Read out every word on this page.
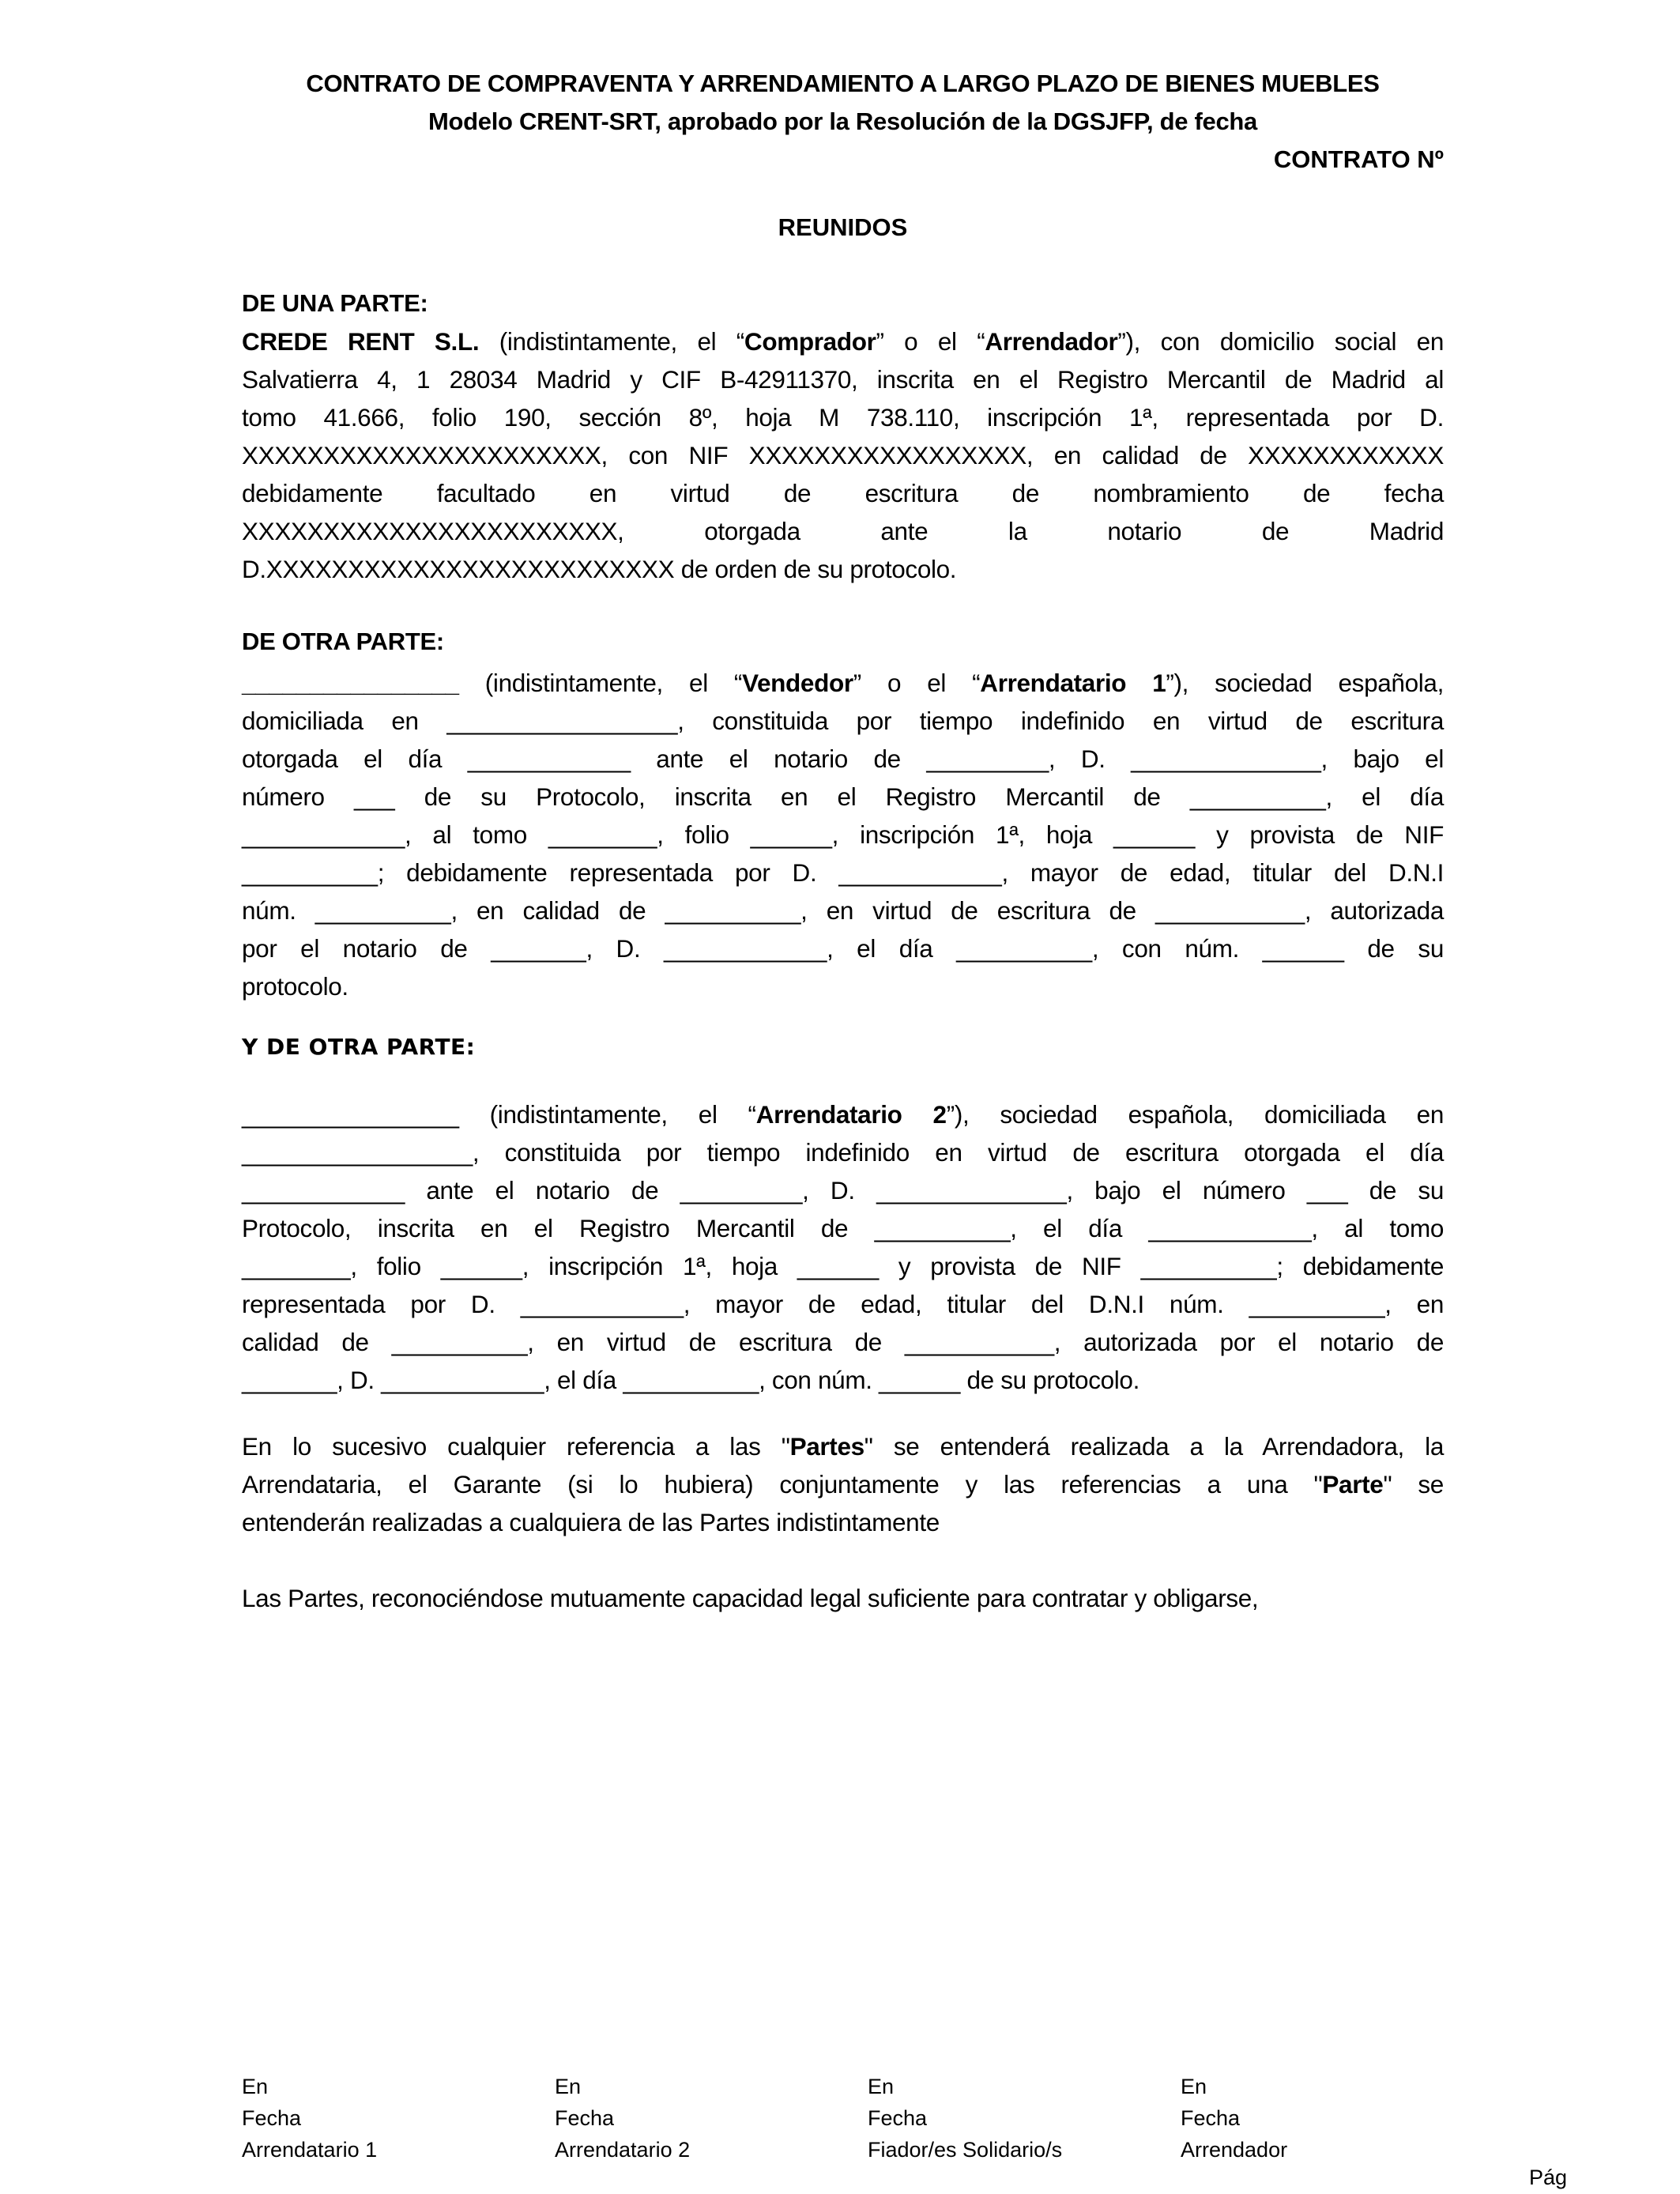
CONTRATO DE COMPRAVENTA Y ARRENDAMIENTO A LARGO PLAZO DE BIENES MUEBLES
Modelo CRENT-SRT, aprobado por la Resolución de la DGSJFP, de fecha
CONTRATO Nº
REUNIDOS
DE UNA PARTE:
CREDE RENT S.L. (indistintamente, el “Comprador” o el “Arrendador”), con domicilio social en
Salvatierra 4, 1 28034 Madrid y CIF B-42911370, inscrita en el Registro Mercantil de Madrid al
tomo 41.666, folio 190, sección 8º, hoja M 738.110, inscripción 1ª, representada por D.
XXXXXXXXXXXXXXXXXXXXXX, con NIF XXXXXXXXXXXXXXXXX, en calidad de XXXXXXXXXXXX
debidamente facultado en virtud de escritura de nombramiento de fecha
XXXXXXXXXXXXXXXXXXXXXXX, otorgada ante la notario de Madrid
D.XXXXXXXXXXXXXXXXXXXXXXXXX de orden de su protocolo.
DE OTRA PARTE:
________________ (indistintamente, el “Vendedor” o el “Arrendatario 1”), sociedad española,
domiciliada en _________________, constituida por tiempo indefinido en virtud de escritura
otorgada el día ____________ ante el notario de _________, D. ______________, bajo el
número ___ de su Protocolo, inscrita en el Registro Mercantil de __________, el día
____________, al tomo ________, folio ______, inscripción 1ª, hoja ______ y provista de NIF
__________; debidamente representada por D. ____________, mayor de edad, titular del D.N.I
núm. __________, en calidad de __________, en virtud de escritura de ___________, autorizada
por el notario de _______, D. ____________, el día __________, con núm. ______ de su
protocolo.
Y DE OTRA PARTE:
________________ (indistintamente, el “Arrendatario 2”), sociedad española, domiciliada en
_________________, constituida por tiempo indefinido en virtud de escritura otorgada el día
____________ ante el notario de _________, D. ______________, bajo el número ___ de su
Protocolo, inscrita en el Registro Mercantil de __________, el día ____________, al tomo
________, folio ______, inscripción 1ª, hoja ______ y provista de NIF __________; debidamente
representada por D. ____________, mayor de edad, titular del D.N.I núm. __________, en
calidad de __________, en virtud de escritura de ___________, autorizada por el notario de
_______, D. ____________, el día __________, con núm. ______ de su protocolo.
En lo sucesivo cualquier referencia a las "Partes" se entenderá realizada a la Arrendadora, la
Arrendataria, el Garante (si lo hubiera) conjuntamente y las referencias a una "Parte" se
entenderán realizadas a cualquiera de las Partes indistintamente
Las Partes, reconociéndose mutuamente capacidad legal suficiente para contratar y obligarse,
En
Fecha
Arrendatario 1
En
Fecha
Arrendatario 2
En
Fecha
Fiador/es Solidario/s
En
Fecha
Arrendador
Pág
